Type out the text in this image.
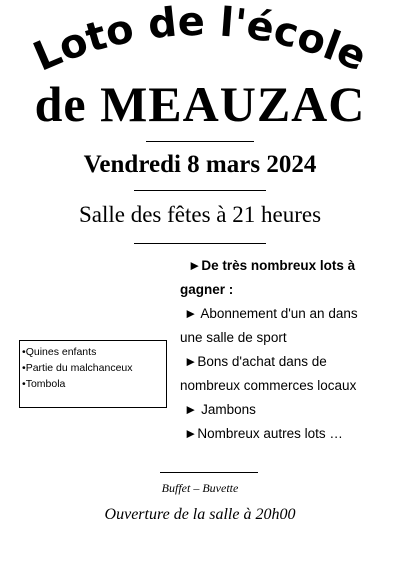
Loto de l'école
de MEAUZAC
Vendredi 8 mars 2024
Salle des fêtes à 21 heures
►De très nombreux lots à
gagner :
► Abonnement d'un an dans
une salle de sport
►Bons d'achat dans de
nombreux commerces locaux
► Jambons
►Nombreux autres lots …
•Quines enfants
•Partie du malchanceux
•Tombola
Buffet – Buvette
Ouverture de la salle à 20h00
